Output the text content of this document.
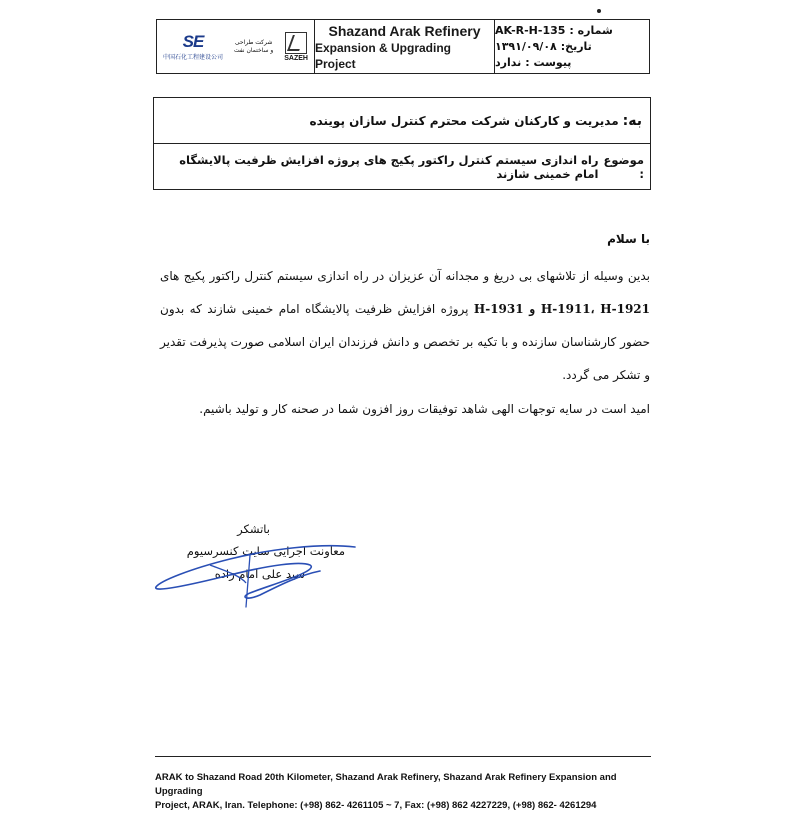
SE
中国石化工程建设公司
شرکت طراحی و ساختمان نفت
SAZEH
Shazand Arak Refinery
Expansion & Upgrading Project
شماره :
AK-R-H-135
تاریخ:
۱۳۹۱/۰۹/۰۸
پیوست :
ندارد
به:
مدیریت و کارکنان شرکت محترم کنترل سازان پوینده
موضوع :
راه اندازی سیستم کنترل راکتور پکیج های پروژه افزایش ظرفیت پالایشگاه امام خمینی شازند

با سلام

بدین وسیله از تلاشهای بی دریغ و مجدانه آن عزیزان در راه اندازی سیستم کنترل راکتور پکیج های H-1911، H-1921 و H-1931 پروژه افزایش ظرفیت پالایشگاه امام خمینی شازند که بدون حضور کارشناسان سازنده و با تکیه بر تخصص و دانش فرزندان ایران اسلامی صورت پذیرفت تقدیر و تشکر می گردد.

امید است در سایه توجهات الهی شاهد توفیقات روز افزون شما در صحنه کار و تولید باشیم.

باتشکر
معاونت اجرایی سایت کنسرسیوم
سید علی امام زاده
ARAK to Shazand Road 20th Kilometer, Shazand Arak Refinery, Shazand Arak Refinery Expansion and Upgrading
Project, ARAK, Iran. Telephone: (+98) 862- 4261105 ~ 7, Fax: (+98) 862 4227229, (+98) 862- 4261294
